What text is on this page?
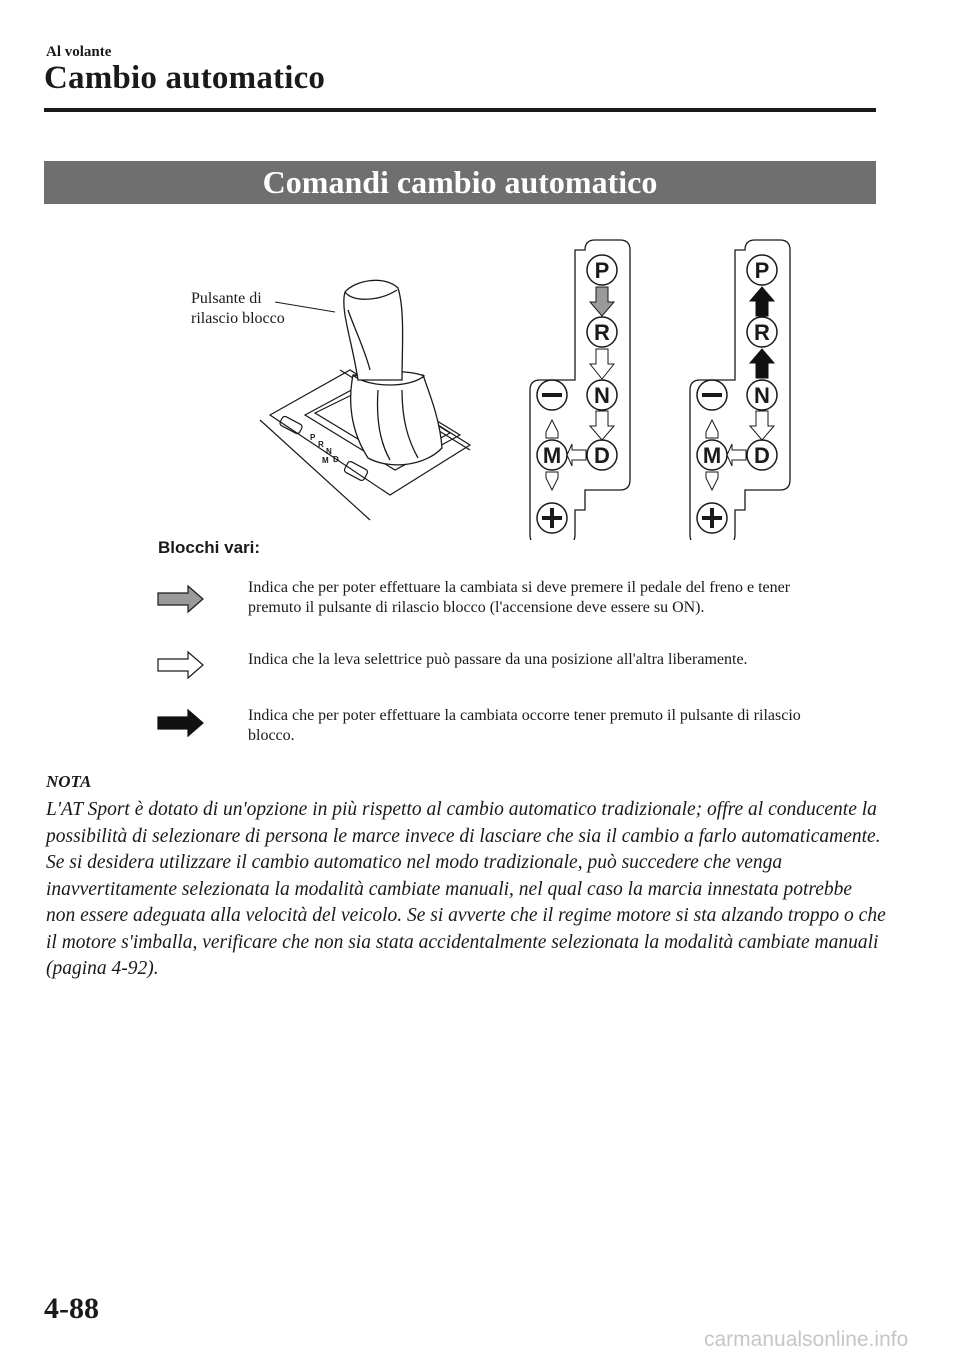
Al volante
Cambio automatico
Comandi cambio automatico
P
R
N
M D
P
R
N
D
M
P
R
N
D
M
Pulsante di
rilascio blocco
Blocchi vari:
Indica che per poter effettuare la cambiata si deve premere il pedale del freno e tener premuto il pulsante di rilascio blocco (l'accensione deve essere su ON).
Indica che la leva selettrice può passare da una posizione all'altra liberamente.
Indica che per poter effettuare la cambiata occorre tener premuto il pulsante di rilascio blocco.
NOTA
L'AT Sport è dotato di un'opzione in più rispetto al cambio automatico tradizionale; offre al conducente la possibilità di selezionare di persona le marce invece di lasciare che sia il cambio a farlo automaticamente. Se si desidera utilizzare il cambio automatico nel modo tradizionale, può succedere che venga inavvertitamente selezionata la modalità cambiate manuali, nel qual caso la marcia innestata potrebbe non essere adeguata alla velocità del veicolo. Se si avverte che il regime motore si sta alzando troppo o che il motore s'imballa, verificare che non sia stata accidentalmente selezionata la modalità cambiate manuali (pagina 4-92).
4-88
carmanualsonline.info
